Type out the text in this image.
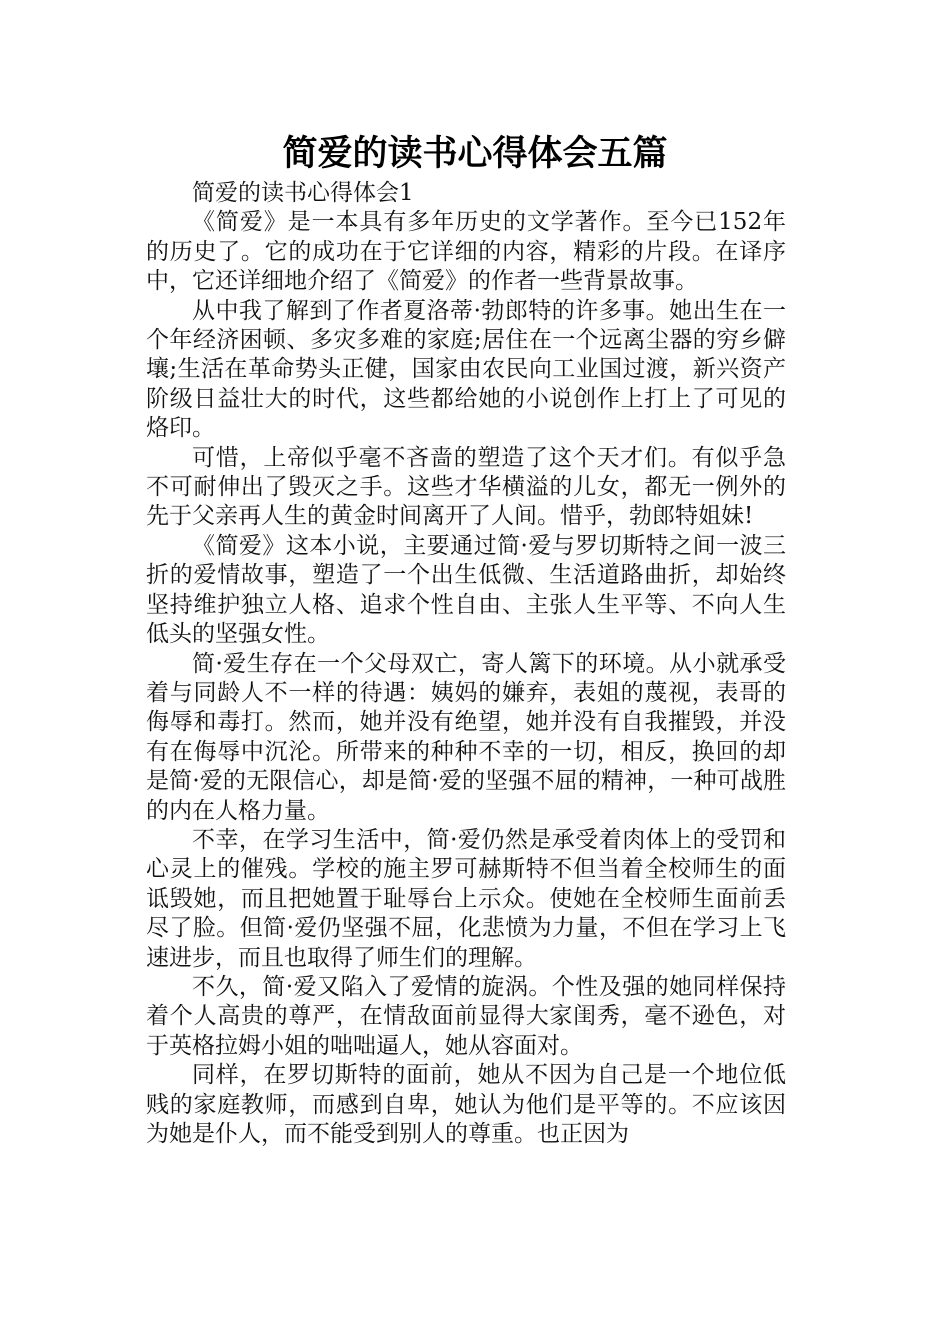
简爱的读书心得体会五篇

简爱的读书心得体会1

《简爱》是一本具有多年历史的文学著作。至今已152年的历史了。它的成功在于它详细的内容，精彩的片段。在译序中，它还详细地介绍了《简爱》的作者一些背景故事。

从中我了解到了作者夏洛蒂·勃郎特的许多事。她出生在一个年经济困顿、多灾多难的家庭;居住在一个远离尘器的穷乡僻壤;生活在革命势头正健，国家由农民向工业国过渡，新兴资产阶级日益壮大的时代，这些都给她的小说创作上打上了可见的烙印。

可惜，上帝似乎毫不吝啬的塑造了这个天才们。有似乎急不可耐伸出了毁灭之手。这些才华横溢的儿女，都无一例外的先于父亲再人生的黄金时间离开了人间。惜乎，勃郎特姐妹!

《简爱》这本小说，主要通过简·爱与罗切斯特之间一波三折的爱情故事，塑造了一个出生低微、生活道路曲折，却始终坚持维护独立人格、追求个性自由、主张人生平等、不向人生低头的坚强女性。

简·爱生存在一个父母双亡，寄人篱下的环境。从小就承受着与同龄人不一样的待遇：姨妈的嫌弃，表姐的蔑视，表哥的侮辱和毒打。然而，她并没有绝望，她并没有自我摧毁，并没有在侮辱中沉沦。所带来的种种不幸的一切，相反，换回的却是简·爱的无限信心，却是简·爱的坚强不屈的精神，一种可战胜的内在人格力量。

不幸，在学习生活中，简·爱仍然是承受着肉体上的受罚和心灵上的催残。学校的施主罗可赫斯特不但当着全校师生的面诋毁她，而且把她置于耻辱台上示众。使她在全校师生面前丢尽了脸。但简·爱仍坚强不屈，化悲愤为力量，不但在学习上飞速进步，而且也取得了师生们的理解。

不久，简·爱又陷入了爱情的旋涡。个性及强的她同样保持着个人高贵的尊严，在情敌面前显得大家闺秀，毫不逊色，对于英格拉姆小姐的咄咄逼人，她从容面对。

同样，在罗切斯特的面前，她从不因为自己是一个地位低贱的家庭教师，而感到自卑，她认为他们是平等的。不应该因为她是仆人，而不能受到别人的尊重。也正因为
